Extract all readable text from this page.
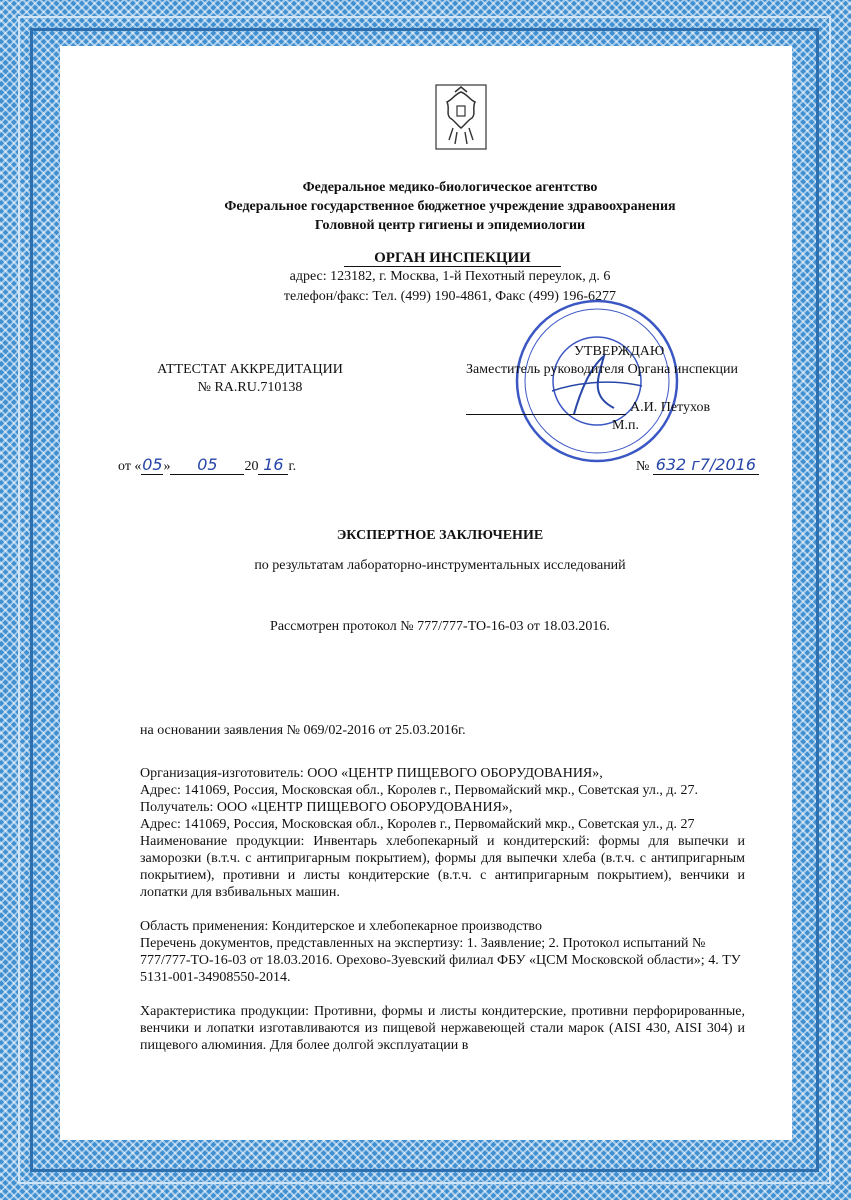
Федеральное медико-биологическое агентство
Федеральное государственное бюджетное учреждение здравоохранения
Головной центр гигиены и эпидемиологии
ОРГАН ИНСПЕКЦИИ
адрес: 123182, г. Москва, 1-й Пехотный переулок, д. 6
телефон/факс: Тел. (499) 190-4861, Факс (499) 196-6277
АТТЕСТАТ АККРЕДИТАЦИИ
№ RA.RU.710138
УТВЕРЖДАЮ
Заместитель руководителя Органа инспекции
А.И. Петухов
М.п.
от «05» 05 20 16 г.	№ 632 г7/2016
ЭКСПЕРТНОЕ ЗАКЛЮЧЕНИЕ
по результатам лабораторно-инструментальных исследований
Рассмотрен протокол № 777/777-ТО-16-03 от 18.03.2016.
на основании заявления № 069/02-2016 от 25.03.2016г.
Организация-изготовитель: ООО «ЦЕНТР ПИЩЕВОГО ОБОРУДОВАНИЯ»,
Адрес: 141069, Россия, Московская обл., Королев г., Первомайский мкр., Советская ул., д. 27.
Получатель: ООО «ЦЕНТР ПИЩЕВОГО ОБОРУДОВАНИЯ»,
Адрес: 141069, Россия, Московская обл., Королев г., Первомайский мкр., Советская ул., д. 27
Наименование продукции: Инвентарь хлебопекарный и кондитерский: формы для выпечки и заморозки (в.т.ч. с антипригарным покрытием), формы для выпечки хлеба (в.т.ч. с антипригарным покрытием), противни и листы кондитерские (в.т.ч. с антипригарным покрытием), венчики и лопатки для взбивальных машин.
Область применения: Кондитерское и хлебопекарное производство
Перечень документов, представленных на экспертизу: 1. Заявление; 2. Протокол испытаний № 777/777-ТО-16-03 от 18.03.2016. Орехово-Зуевский филиал ФБУ «ЦСМ Московской области»; 4. ТУ 5131-001-34908550-2014.
Характеристика продукции: Противни, формы и листы кондитерские, противни перфорированные, венчики и лопатки изготавливаются из пищевой нержавеющей стали марок (AISI 430, AISI 304) и пищевого алюминия. Для более долгой эксплуатации в
